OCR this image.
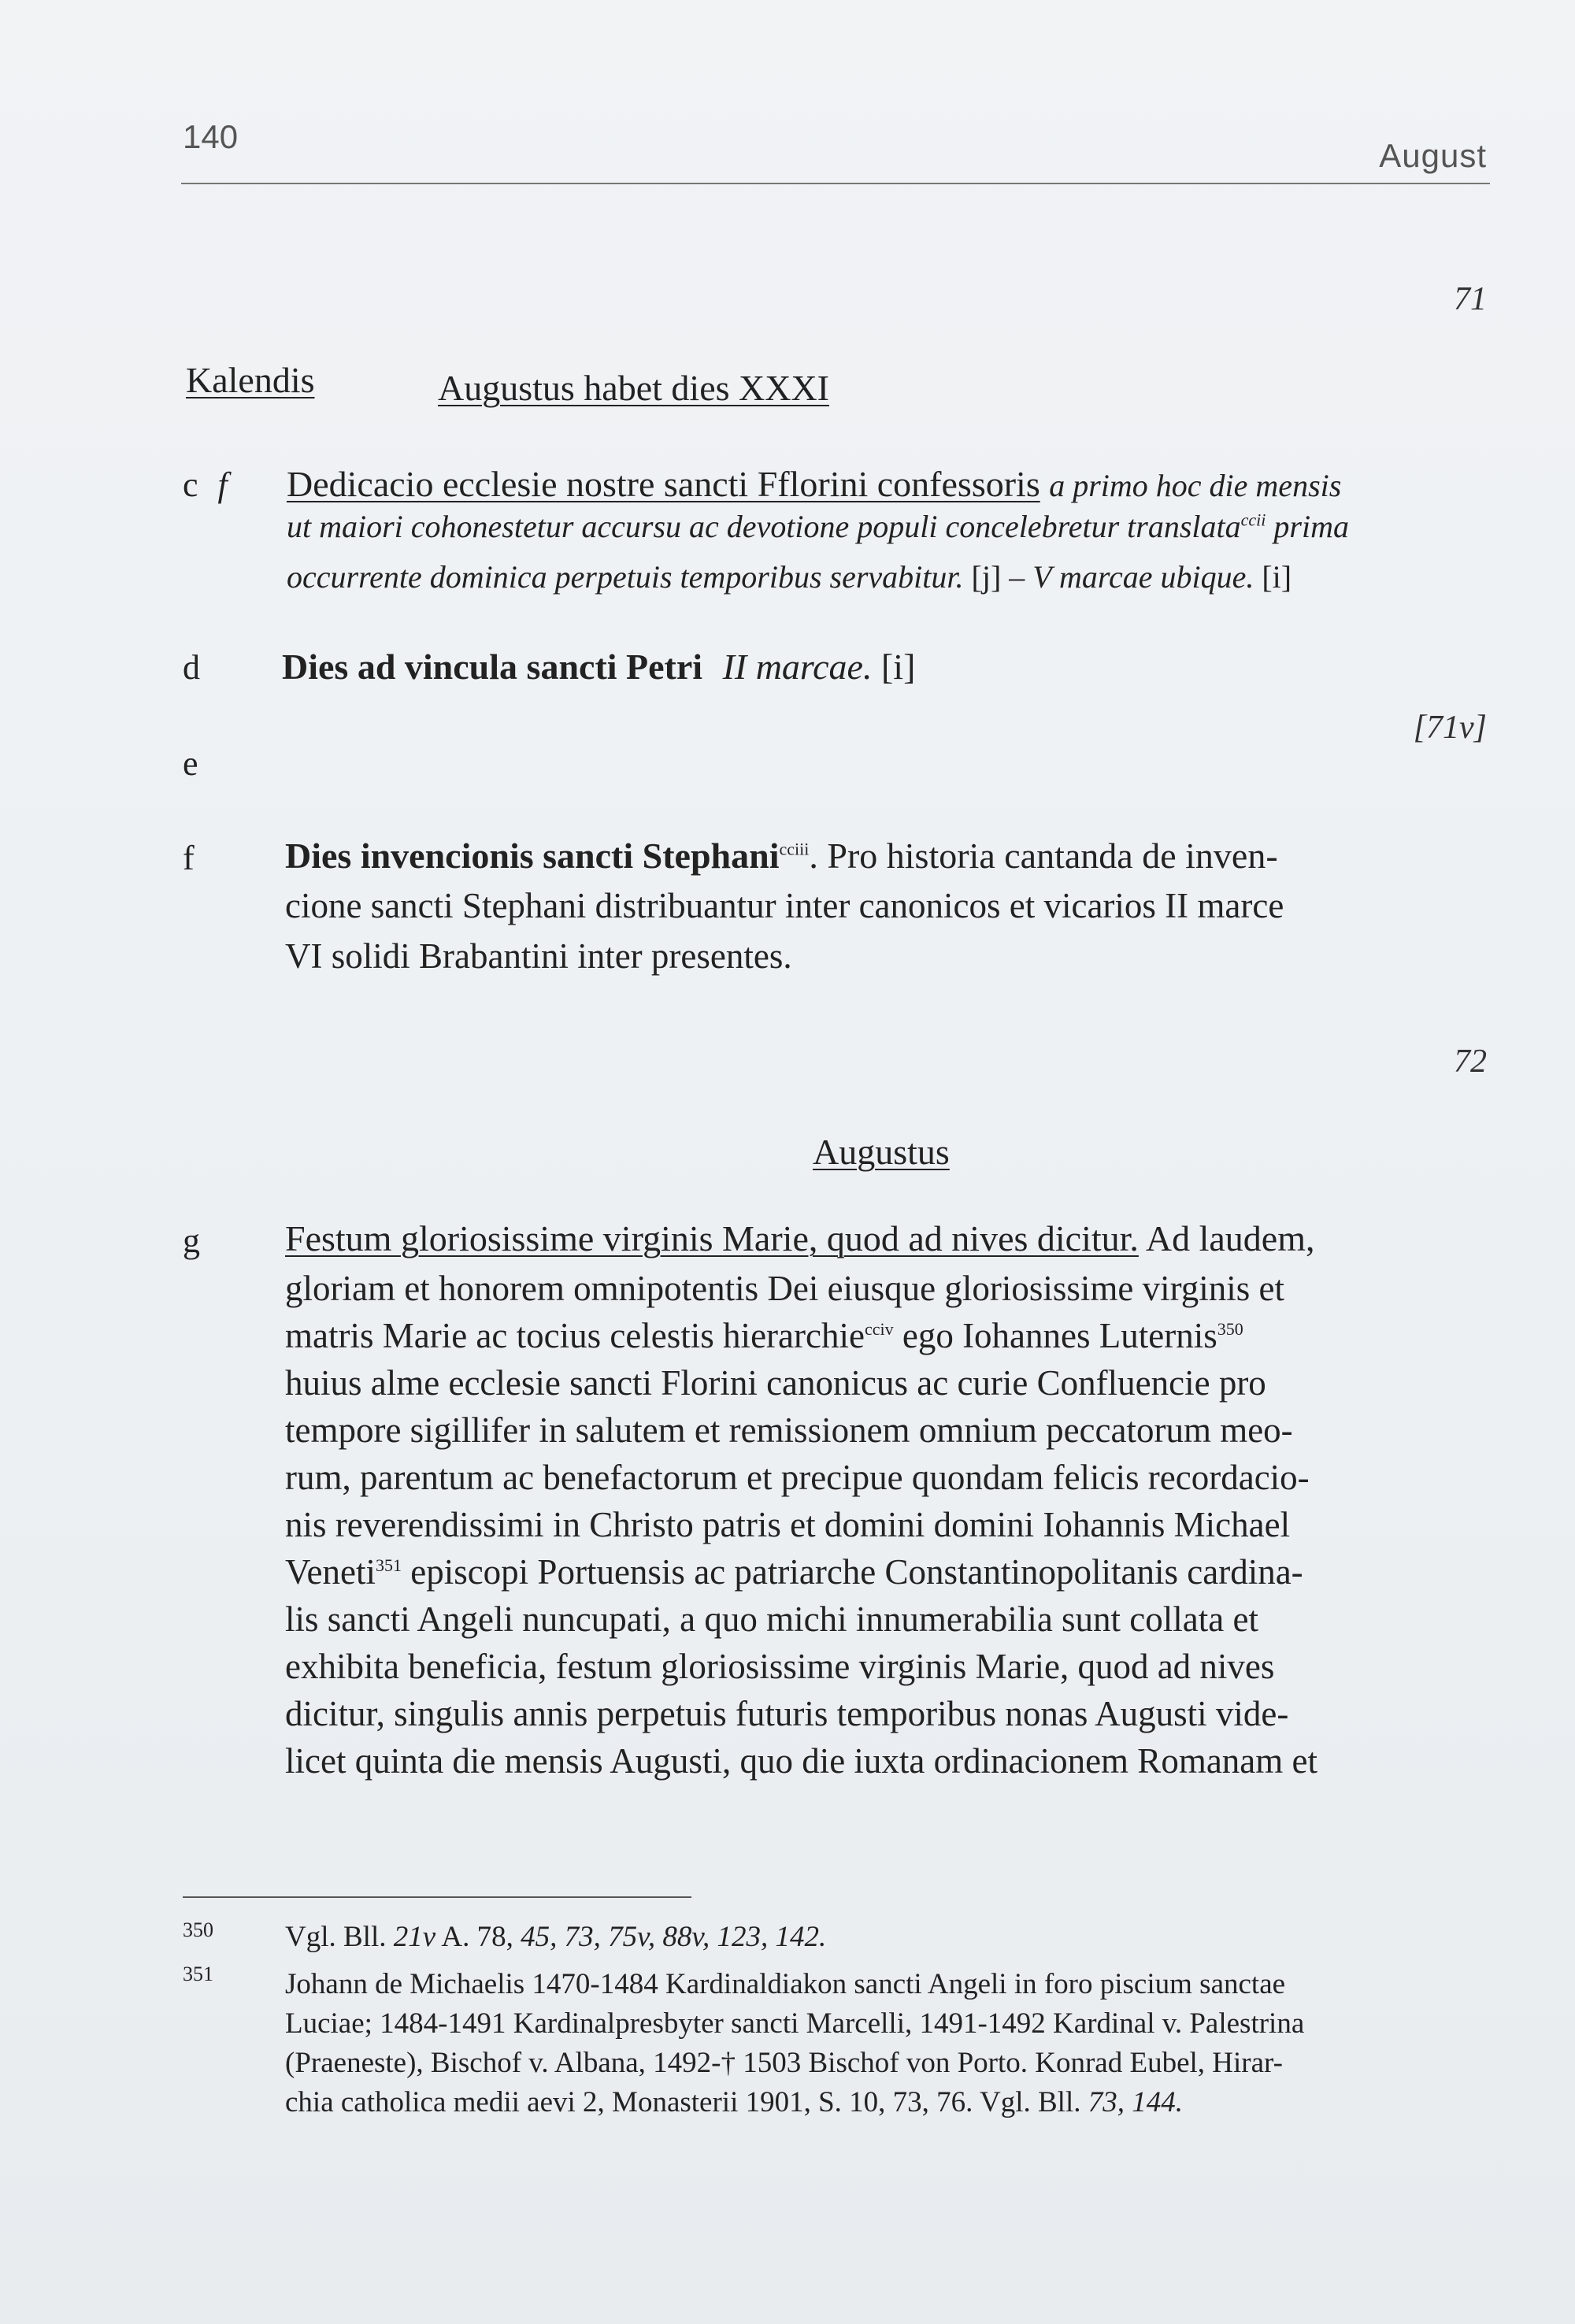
140
August
71
Kalendis	Augustus habet dies XXXI
c f Dedicacio ecclesie nostre sancti Fflorini confessoris a primo hoc die mensis
ut maiori cohonestetur accursu ac devotione populi concelebretur translata$^{ccii}$ prima
occurrente dominica perpetuis temporibus servabitur. [j] – V marcae ubique. [i]
d Dies ad vincula sancti Petri II marcae. [i]
[71v]
e
f	Dies invencionis sancti Stephani$^{cciii}$. Pro historia cantanda de inven-
cione sancti Stephani distribuantur inter canonicos et vicarios II marce
VI solidi Brabantini inter presentes.
72
Augustus
g Festum gloriosissime virginis Marie, quod ad nives dicitur. Ad laudem,
gloriam et honorem omnipotentis Dei eiusque gloriosissime virginis et
matris Marie ac tocius celestis hierarchie$^{cciv}$ ego Iohannes Luternis$^{350}$
huius alme ecclesie sancti Florini canonicus ac curie Confluencie pro
tempore sigillifer in salutem et remissionem omnium peccatorum meo-
rum, parentum ac benefactorum et precipue quondam felicis recordacio-
nis reverendissimi in Christo patris et domini domini Iohannis Michael
Veneti$^{351}$ episcopi Portuensis ac patriarche Constantinopolitanis cardina-
lis sancti Angeli nuncupati, a quo michi innumerabilia sunt collata et
exhibita beneficia, festum gloriosissime virginis Marie, quod ad nives
dicitur, singulis annis perpetuis futuris temporibus nonas Augusti vide-
licet quinta die mensis Augusti, quo die iuxta ordinacionem Romanam et
350 Vgl. Bll. 21v A. 78, 45, 73, 75v, 88v, 123, 142.
351 Johann de Michaelis 1470-1484 Kardinaldiakon sancti Angeli in foro piscium sanctae
Luciae; 1484-1491 Kardinalpresbyter sancti Marcelli, 1491-1492 Kardinal v. Palestrina
(Praeneste), Bischof v. Albana, 1492-† 1503 Bischof von Porto. Konrad Eubel, Hirar-
chia catholica medii aevi 2, Monasterii 1901, S. 10, 73, 76. Vgl. Bll. 73, 144.
